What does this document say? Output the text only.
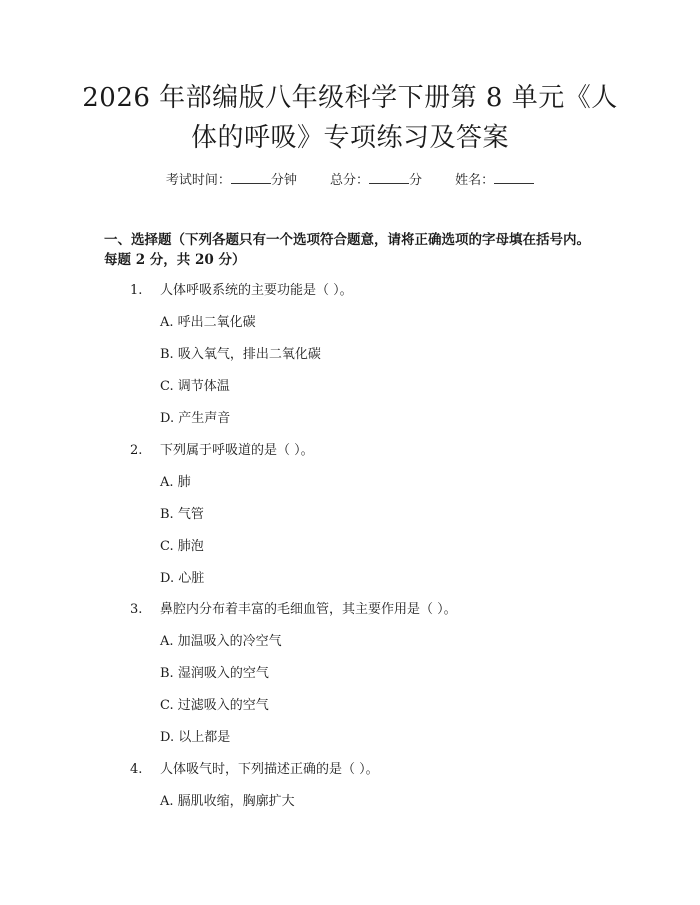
2026 年部编版八年级科学下册第 8 单元《人体的呼吸》专项练习及答案
考试时间：	分钟	总分：	分	姓名：
一、选择题（下列各题只有一个选项符合题意，请将正确选项的字母填在括号内。每题 2 分，共 20 分）
1.	人体呼吸系统的主要功能是（ ）。
A. 呼出二氧化碳
B. 吸入氧气，排出二氧化碳
C. 调节体温
D. 产生声音
2.	下列属于呼吸道的是（ ）。
A. 肺
B. 气管
C. 肺泡
D. 心脏
3.	鼻腔内分布着丰富的毛细血管，其主要作用是（ ）。
A. 加温吸入的冷空气
B. 湿润吸入的空气
C. 过滤吸入的空气
D. 以上都是
4.	人体吸气时，下列描述正确的是（ ）。
A. 膈肌收缩，胸廓扩大
